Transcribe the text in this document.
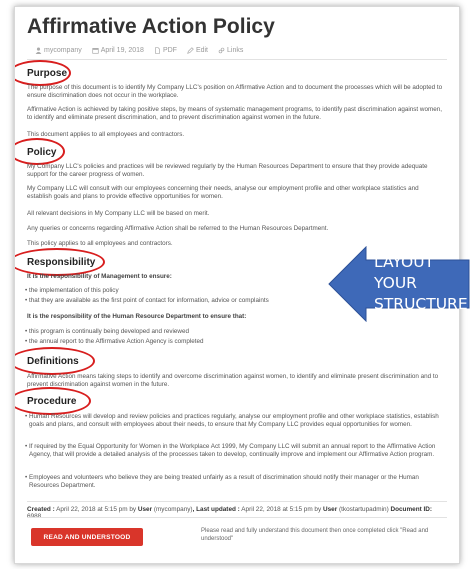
Affirmative Action Policy
mycompany	April 19, 2018	PDF	Edit	Links
Purpose
The purpose of this document is to identify My Company LLC's position on Affirmative Action and to document the processes which will be adopted to ensure discrimination does not occur in the workplace.
Affirmative Action is achieved by taking positive steps, by means of systematic management programs, to identify past discrimination against women, to identify and eliminate present discrimination, and to prevent discrimination against women in the future.
This document applies to all employees and contractors.
Policy
My Company LLC's policies and practices will be reviewed regularly by the Human Resources Department to ensure that they provide adequate support for the career progress of women.
My Company LLC will consult with our employees concerning their needs, analyse our employment profile and other workplace statistics and establish goals and plans to provide effective opportunities for women.
All relevant decisions in My Company LLC will be based on merit.
Any queries or concerns regarding Affirmative Action shall be referred to the Human Resources Department.
This policy applies to all employees and contractors.
Responsibility
It is the responsibility of Management to ensure:
• the implementation of this policy
• that they are available as the first point of contact for information, advice or complaints
It is the responsibility of the Human Resource Department to ensure that:
• this program is continually being developed and reviewed
• the annual report to the Affirmative Action Agency is completed
Definitions
Affirmative Action means taking steps to identify and overcome discrimination against women, to identify and eliminate present discrimination and to prevent discrimination against women in the future.
Procedure
• Human Resources will develop and review policies and practices regularly, analyse our employment profile and other workplace statistics, establish goals and plans, and consult with employees about their needs, to ensure that My Company LLC provides equal opportunities for women.
• If required by the Equal Opportunity for Women in the Workplace Act 1999, My Company LLC will submit an annual report to the Affirmative Action Agency, that will provide a detailed analysis of the processes taken to develop, continually improve and implement our Affirmative Action program.
• Employees and volunteers who believe they are being treated unfairly as a result of discrimination should notify their manager or the Human Resources Department.
Created : April 22, 2018 at 5:15 pm by User (mycompany), Last updated : April 22, 2018 at 5:15 pm by User (tkostartupadmin) Document ID:
READ AND UNDERSTOOD
Please read and fully understand this document then once completed click "Read and understood"
LAYOUT YOUR STRUCTURE
